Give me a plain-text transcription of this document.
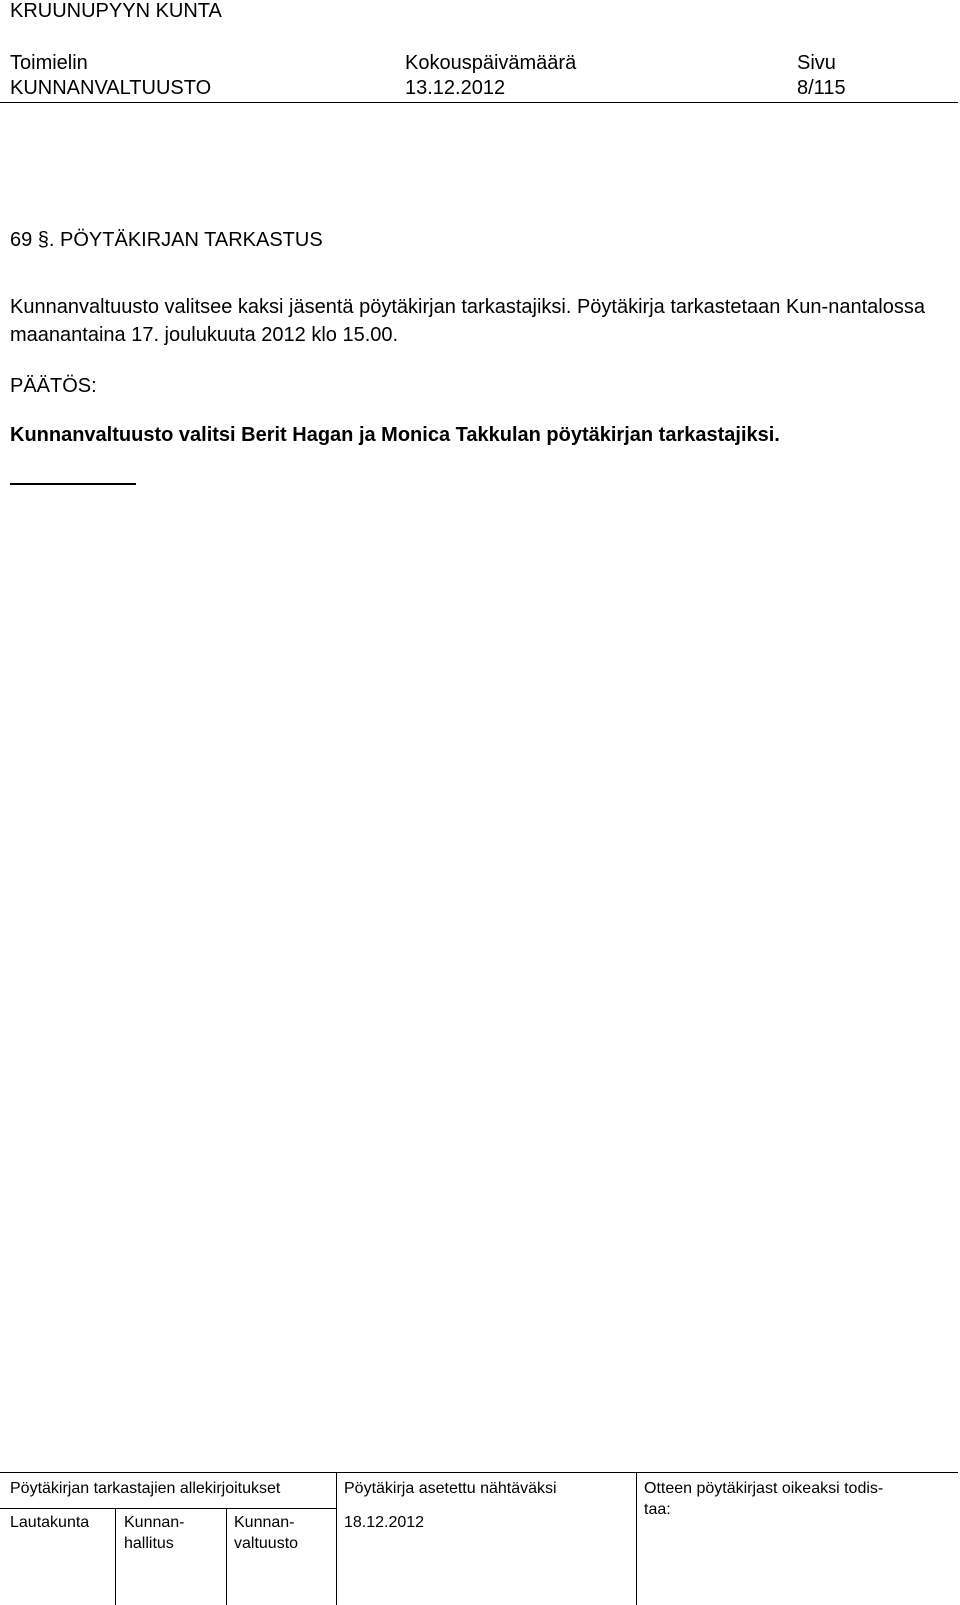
KRUUNUPYYN KUNTA
Toimielin
KUNNANVALTUUSTO
Kokouspäivämäärä
13.12.2012
Sivu
8/115
69 §. PÖYTÄKIRJAN TARKASTUS
Kunnanvaltuusto valitsee kaksi jäsentä pöytäkirjan tarkastajiksi. Pöytäkirja tarkastetaan Kun-nantalossa maanantaina 17. joulukuuta 2012 klo 15.00.
PÄÄTÖS:
Kunnanvaltuusto valitsi Berit Hagan ja Monica Takkulan pöytäkirjan tarkastajiksi.
Pöytäkirjan tarkastajien allekirjoitukset
Lautakunta Kunnan-
hallitus
Kunnan-
valtuusto
Pöytäkirja asetettu nähtäväksi
18.12.2012
Otteen pöytäkirjast oikeaksi todis-
taa:
